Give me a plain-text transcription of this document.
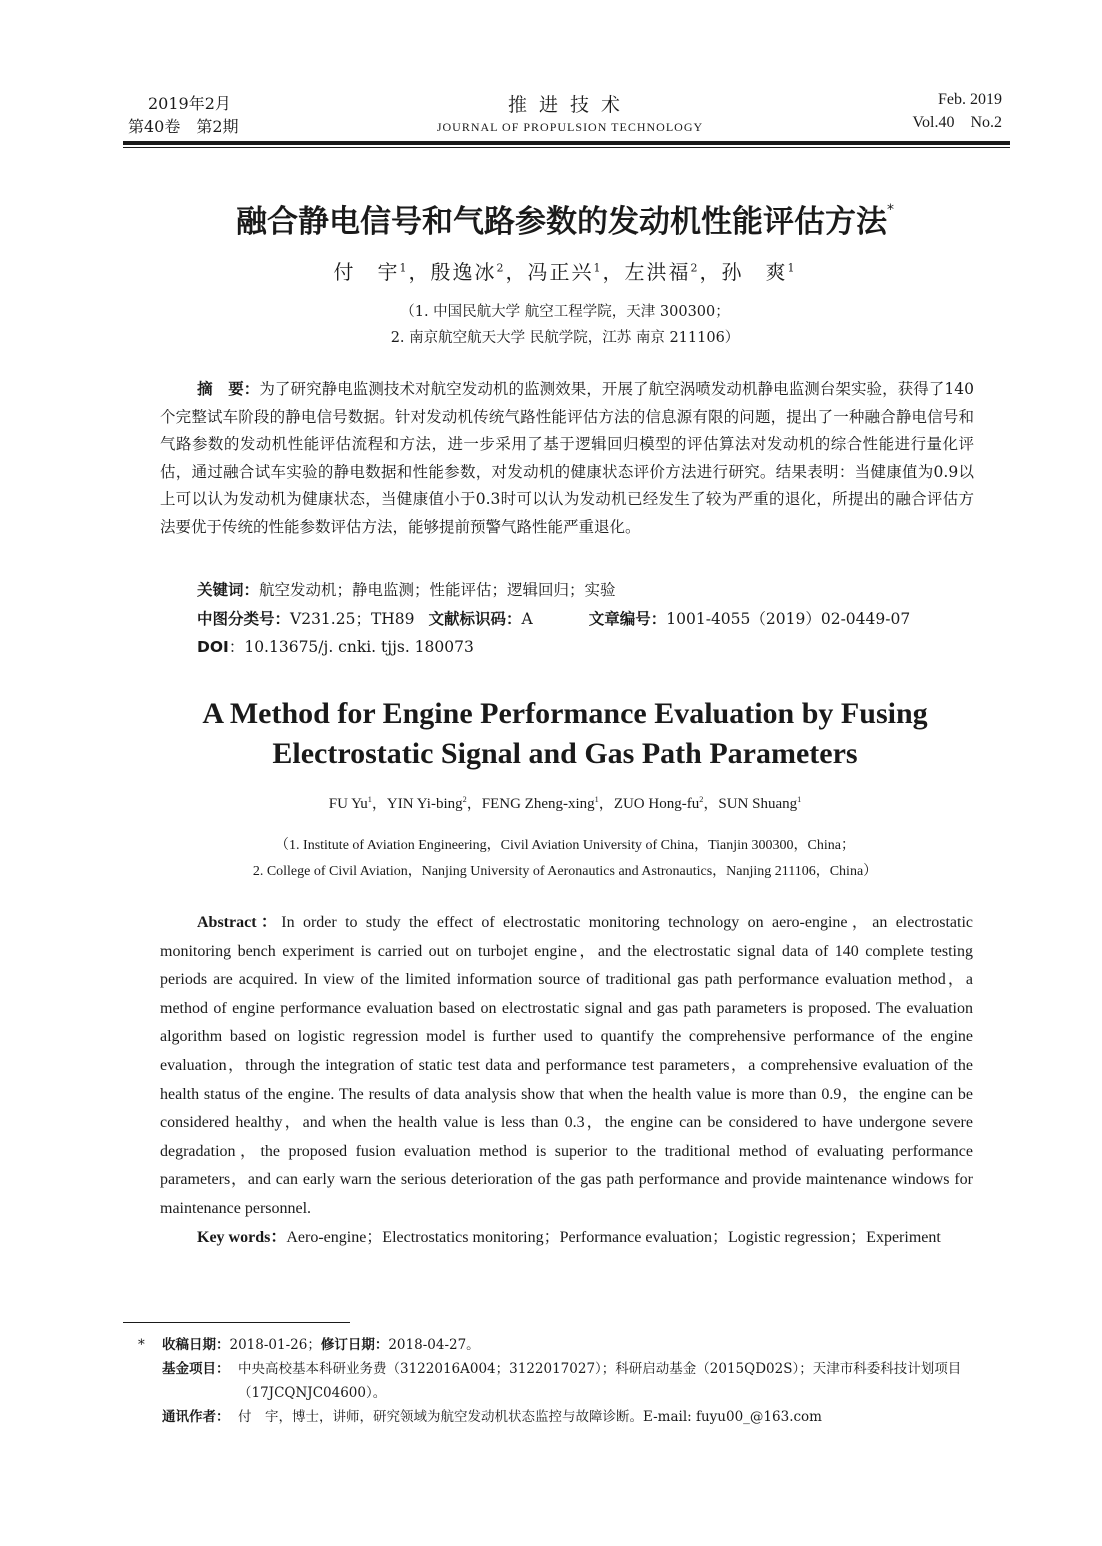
2019年2月
第40卷　第2期
推进技术
JOURNAL OF PROPULSION TECHNOLOGY
Feb. 2019
Vol.40　No.2
融合静电信号和气路参数的发动机性能评估方法*
付　宇$^1$，殷逸冰$^2$，冯正兴$^1$，左洪福$^2$，孙　爽$^1$
（1. 中国民航大学 航空工程学院，天津 300300；
2. 南京航空航天大学 民航学院，江苏 南京 211106）
摘　要：为了研究静电监测技术对航空发动机的监测效果，开展了航空涡喷发动机静电监测台架实验，获得了140个完整试车阶段的静电信号数据。针对发动机传统气路性能评估方法的信息源有限的问题，提出了一种融合静电信号和气路参数的发动机性能评估流程和方法，进一步采用了基于逻辑回归模型的评估算法对发动机的综合性能进行量化评估，通过融合试车实验的静电数据和性能参数，对发动机的健康状态评价方法进行研究。结果表明：当健康值为0.9以上可以认为发动机为健康状态，当健康值小于0.3时可以认为发动机已经发生了较为严重的退化，所提出的融合评估方法要优于传统的性能参数评估方法，能够提前预警气路性能严重退化。
关键词：航空发动机；静电监测；性能评估；逻辑回归；实验
中图分类号：V231.25；TH89 文献标识码：A	文章编号：1001-4055（2019）02-0449-07
DOI：10.13675/j. cnki. tjjs. 180073
A Method for Engine Performance Evaluation by Fusing
Electrostatic Signal and Gas Path Parameters
FU Yu$^1$，YIN Yi-bing$^2$，FENG Zheng-xing$^1$，ZUO Hong-$fu^2$，SUN Shuang$^1$
（1. Institute of Aviation Engineering，Civil Aviation University of China，Tianjin 300300，China；
2. College of Civil Aviation，Nanjing University of Aeronautics and Astronautics，Nanjing 211106，China）
Abstract：In order to study the effect of electrostatic monitoring technology on aero-engine，an electrostatic monitoring bench experiment is carried out on turbojet engine，and the electrostatic signal data of 140 complete testing periods are acquired. In view of the limited information source of traditional gas path performance evaluation method，a method of engine performance evaluation based on electrostatic signal and gas path parameters is proposed. The evaluation algorithm based on logistic regression model is further used to quantify the comprehensive performance of the engine evaluation，through the integration of static test data and performance test parameters，a comprehensive evaluation of the health status of the engine. The results of data analysis show that when the health value is more than 0.9，the engine can be considered healthy，and when the health value is less than 0.3，the engine can be considered to have undergone severe degradation，the proposed fusion evaluation method is superior to the traditional method of evaluating performance parameters，and can early warn the serious deterioration of the gas path performance and provide maintenance windows for maintenance personnel.
Key words：Aero-engine；Electrostatics monitoring；Performance evaluation；Logistic regression；Experiment
* 收稿日期：2018-01-26；修订日期：2018-04-27。
基金项目： 中央高校基本科研业务费（3122016A004；3122017027）；科研启动基金（2015QD02S）；天津市科委科技计划项目（17JCQNJC04600）。
通讯作者： 付　宇，博士，讲师，研究领域为航空发动机状态监控与故障诊断。E-mail: fuyu00_@163.com
